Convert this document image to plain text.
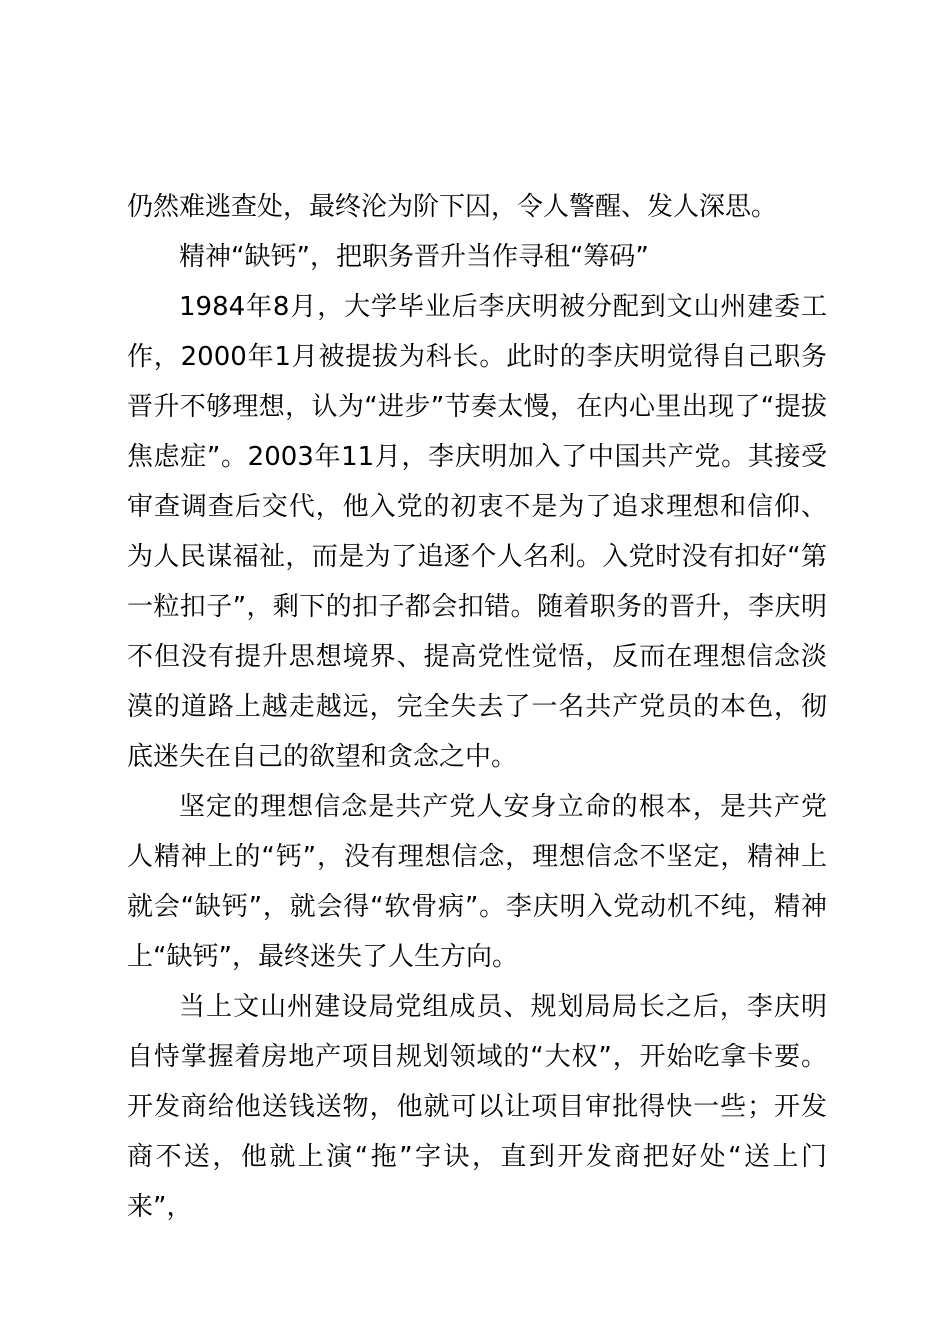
仍然难逃查处，最终沦为阶下囚，令人警醒、发人深思。

精神“缺钙”，把职务晋升当作寻租“筹码”

1984年8月，大学毕业后李庆明被分配到文山州建委工作，2000年1月被提拔为科长。此时的李庆明觉得自己职务晋升不够理想，认为“进步”节奏太慢，在内心里出现了“提拔焦虑症”。2003年11月，李庆明加入了中国共产党。其接受审查调查后交代，他入党的初衷不是为了追求理想和信仰、为人民谋福祉，而是为了追逐个人名利。入党时没有扣好“第一粒扣子”，剩下的扣子都会扣错。随着职务的晋升，李庆明不但没有提升思想境界、提高党性觉悟，反而在理想信念淡漠的道路上越走越远，完全失去了一名共产党员的本色，彻底迷失在自己的欲望和贪念之中。

坚定的理想信念是共产党人安身立命的根本，是共产党人精神上的“钙”，没有理想信念，理想信念不坚定，精神上就会“缺钙”，就会得“软骨病”。李庆明入党动机不纯，精神上“缺钙”，最终迷失了人生方向。

当上文山州建设局党组成员、规划局局长之后，李庆明自恃掌握着房地产项目规划领域的“大权”，开始吃拿卡要。开发商给他送钱送物，他就可以让项目审批得快一些；开发商不送，他就上演“拖”字诀，直到开发商把好处“送上门来”，
